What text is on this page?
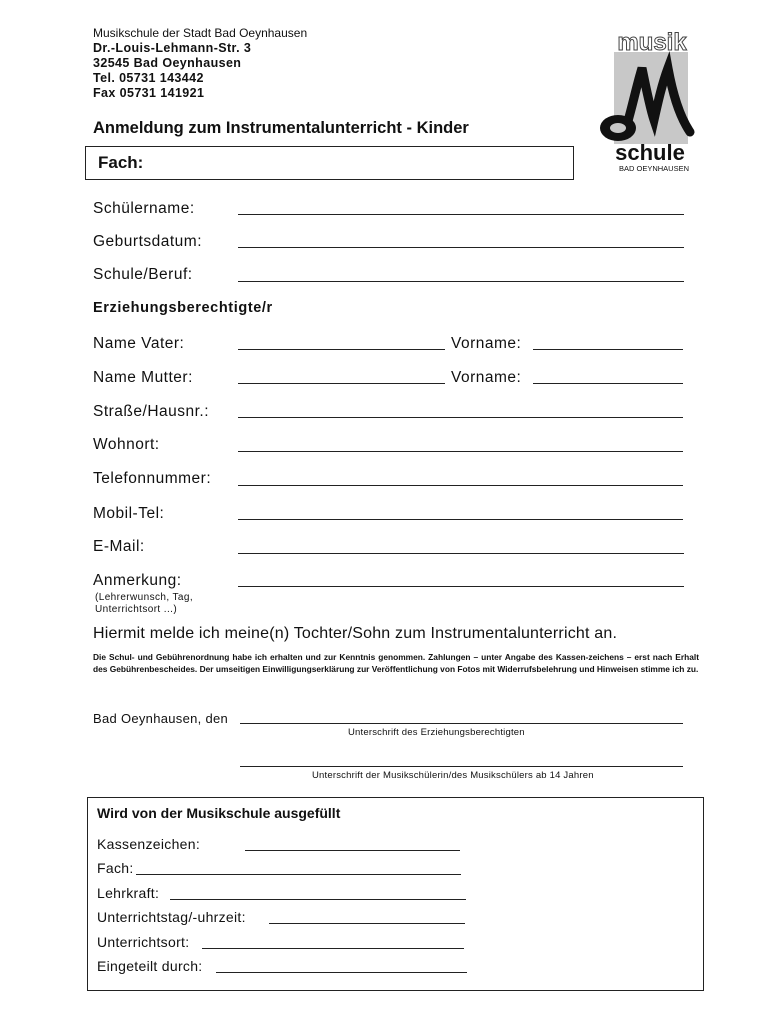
Musikschule der Stadt Bad Oeynhausen
Dr.-Louis-Lehmann-Str. 3
32545 Bad Oeynhausen
Tel. 05731 143442
Fax 05731 141921
musik
schule
BAD OEYNHAUSEN
Anmeldung zum Instrumentalunterricht - Kinder
Fach:
Schülername:
Geburtsdatum:
Schule/Beruf:
Erziehungsberechtigte/r
Name Vater:	Vorname:
Name Mutter:	Vorname:
Straße/Hausnr.:
Wohnort:
Telefonnummer:
Mobil-Tel:
E-Mail:
Anmerkung:
(Lehrerwunsch, Tag,
Unterrichtsort ...)
Hiermit melde ich meine(n) Tochter/Sohn zum Instrumentalunterricht an.
Die Schul- und Gebührenordnung habe ich erhalten und zur Kenntnis genommen. Zahlungen – unter Angabe des Kassen-zeichens – erst nach Erhalt des Gebührenbescheides. Der umseitigen Einwilligungserklärung zur Veröffentlichung von Fotos mit Widerrufsbelehrung und Hinweisen stimme ich zu.
Bad Oeynhausen, den
Unterschrift des Erziehungsberechtigten
Unterschrift der Musikschülerin/des Musikschülers ab 14 Jahren
Wird von der Musikschule ausgefüllt
Kassenzeichen:
Fach:
Lehrkraft:
Unterrichtstag/-uhrzeit:
Unterrichtsort:
Eingeteilt durch:
